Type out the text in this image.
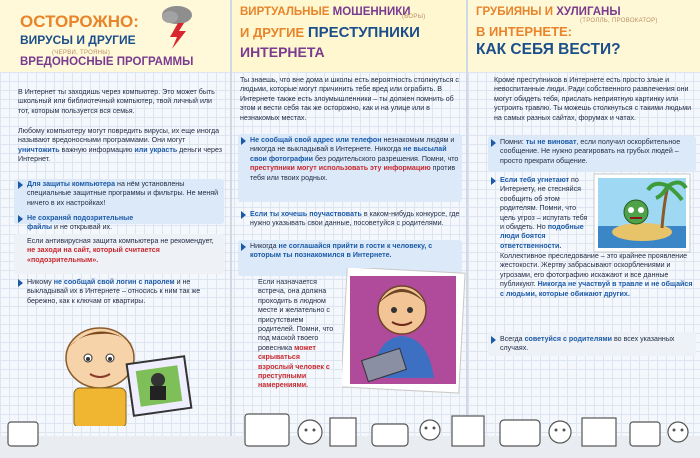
ОСТОРОЖНО:
ВИРУСЫ И ДРУГИЕ
(ЧЕРВИ, ТРОЯНЫ)
ВРЕДОНОСНЫЕ ПРОГРАММЫ

В Интернет ты заходишь через компьютер. Это может быть школьный или библиотечный компьютер, твой личный или тот, которым пользуется вся семья.

Любому компьютеру могут повредить вирусы, их еще иногда называют вредоносными программами. Они могут уничтожить важную информацию или украсть деньги через Интернет.

Для защиты компьютера на нём установлены специальные защитные программы и фильтры. Не меняй ничего в их настройках!

Не сохраняй подозрительные файлы и не открывай их.

Если антивирусная защита компьютера не рекомендует, не заходи на сайт, который считается «подозрительным».

Никому не сообщай свой логин с паролем и не выкладывай их в Интернете – относись к ним так же бережно, как к ключам от квартиры.

ВИРТУАЛЬНЫЕ МОШЕННИКИ
(ВОРЫ)
И ДРУГИЕ ПРЕСТУПНИКИ
ИНТЕРНЕТА

Ты знаешь, что вне дома и школы есть вероятность столкнуться с людьми, которые могут причинить тебе вред или ограбить. В Интернете также есть злоумышленники – ты должен помнить об этом и вести себя так же осторожно, как и на улице или в незнакомых местах.

Не сообщай свой адрес или телефон незнакомым людям и никогда не выкладывай в Интернете. Никогда не высылай свои фотографии без родительского разрешения. Помни, что преступники могут использовать эту информацию против тебя или твоих родных.

Если ты хочешь поучаствовать в каком-нибудь конкурсе, где нужно указывать свои данные, посоветуйся с родителями.

Никогда не соглашайся прийти в гости к человеку, с которым ты познакомился в Интернете.

Если назначается встреча, она должна проходить в людном месте и желательно с присутствием родителей. Помни, что под маской твоего ровесника может скрываться взрослый человек с преступными намерениями.

ГРУБИЯНЫ И ХУЛИГАНЫ
(ТРОЛЛЬ, ПРОВОКАТОР)
В ИНТЕРНЕТЕ:
КАК СЕБЯ ВЕСТИ?

Кроме преступников в Интернете есть просто злые и невоспитанные люди. Ради собственного развлечения они могут обидеть тебя, прислать неприятную картинку или устроить травлю. Ты можешь столкнуться с такими людьми на самых разных сайтах, форумах и чатах.

Помни: ты не виноват, если получил оскорбительное сообщение. Не нужно реагировать на грубых людей – просто прекрати общение.

Если тебя угнетают по Интернету, не стесняйся сообщить об этом родителям. Помни, что цель угроз – испугать тебя и обидеть. Но подобные люди боятся ответственности.

Коллективное преследование – это крайнее проявление жестокости. Жертву забрасывают оскорблениями и угрозами, его фотографию искажают и все данные публикуют. Никогда не участвуй в травле и не общайся с людьми, которые обижают других.

Всегда советуйся с родителями во всех указанных случаях.
